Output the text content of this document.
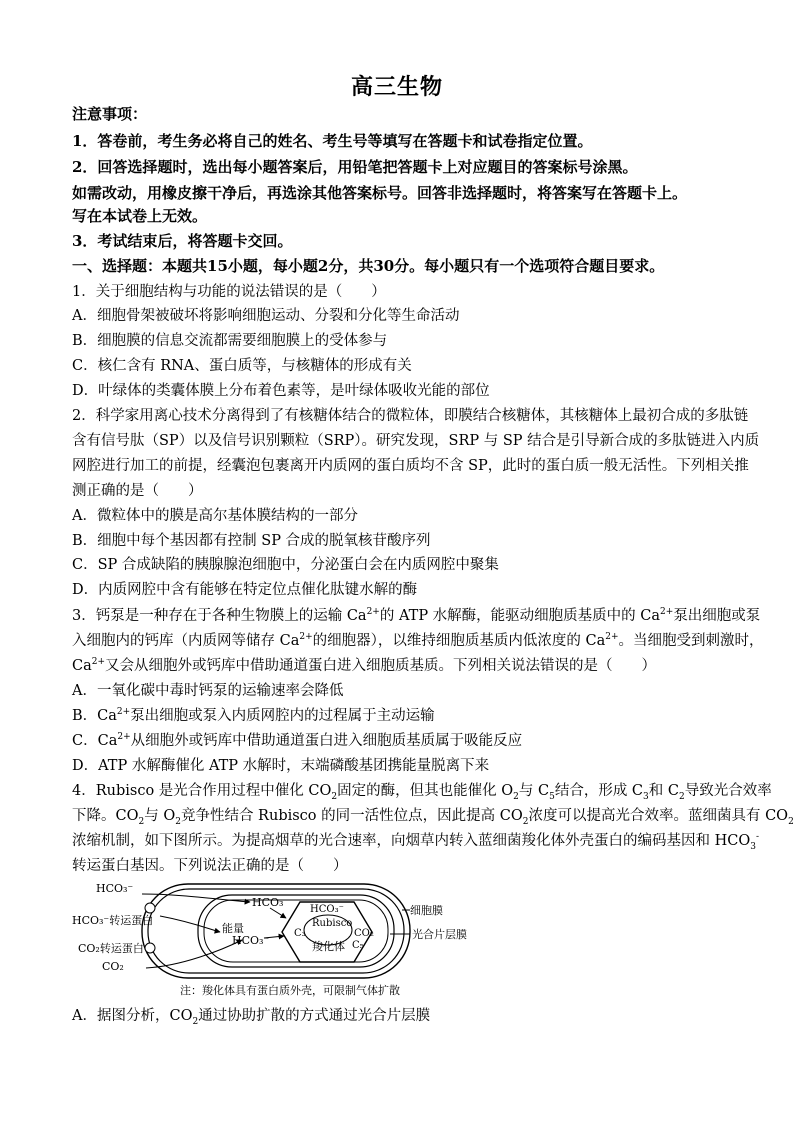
高三生物
注意事项：
1．答卷前，考生务必将自己的姓名、考生号等填写在答题卡和试卷指定位置。
2．回答选择题时，选出每小题答案后，用铅笔把答题卡上对应题目的答案标号涂黑。
如需改动，用橡皮擦干净后，再选涂其他答案标号。回答非选择题时，将答案写在答题卡上。
写在本试卷上无效。
3．考试结束后，将答题卡交回。
一、选择题：本题共15小题，每小题2分，共30分。每小题只有一个选项符合题目要求。
1．关于细胞结构与功能的说法错误的是（　　）
A．细胞骨架被破坏将影响细胞运动、分裂和分化等生命活动
B．细胞膜的信息交流都需要细胞膜上的受体参与
C．核仁含有 RNA、蛋白质等，与核糖体的形成有关
D．叶绿体的类囊体膜上分布着色素等，是叶绿体吸收光能的部位
2．科学家用离心技术分离得到了有核糖体结合的微粒体，即膜结合核糖体，其核糖体上最初合成的多肽链
含有信号肽（SP）以及信号识别颗粒（SRP）。研究发现，SRP 与 SP 结合是引导新合成的多肽链进入内质
网腔进行加工的前提，经囊泡包裹离开内质网的蛋白质均不含 SP，此时的蛋白质一般无活性。下列相关推
测正确的是（　　）
A．微粒体中的膜是高尔基体膜结构的一部分
B．细胞中每个基因都有控制 SP 合成的脱氧核苷酸序列
C．SP 合成缺陷的胰腺腺泡细胞中，分泌蛋白会在内质网腔中聚集
D．内质网腔中含有能够在特定位点催化肽键水解的酶
3．钙泵是一种存在于各种生物膜上的运输 $Ca^{2+}$的 ATP 水解酶，能驱动细胞质基质中的 $Ca^{2+}$泵出细胞或泵
入细胞内的钙库（内质网等储存 $Ca^{2+}$的细胞器），以维持细胞质基质内低浓度的 $Ca^{2+}$。当细胞受到刺激时，
$Ca^{2+}$又会从细胞外或钙库中借助通道蛋白进入细胞质基质。下列相关说法错误的是（　　）
A．一氧化碳中毒时钙泵的运输速率会降低
B．$Ca^{2+}$泵出细胞或泵入内质网腔内的过程属于主动运输
C．$Ca^{2+}$从细胞外或钙库中借助通道蛋白进入细胞质基质属于吸能反应
D．ATP 水解酶催化 ATP 水解时，末端磷酸基团携能量脱离下来
4．Rubisco 是光合作用过程中催化 $CO_2$固定的酶，但其也能催化 $O_2$与 $C_5$结合，形成 $C_3$和 $C_2$导致光合效率
下降。$CO_2$与 $O_2$竞争性结合 Rubisco 的同一活性位点，因此提高 $CO_2$浓度可以提高光合效率。蓝细菌具有 $CO_2$
浓缩机制，如下图所示。为提高烟草的光合速率，向烟草内转入蓝细菌羧化体外壳蛋白的编码基因和 $HCO_3^-$
转运蛋白基因。下列说法正确的是（　　）
HCO₃⁻
HCO₃⁻转运蛋白
CO₂转运蛋白
CO₂
能量
HCO₃⁻
HCO₃⁻
HCO₃⁻
Rubisco
C₃	CO₂
C₅
羧化体
细胞膜
光合片层膜
注：羧化体具有蛋白质外壳，可限制气体扩散
A．据图分析，$CO_2$通过协助扩散的方式通过光合片层膜
